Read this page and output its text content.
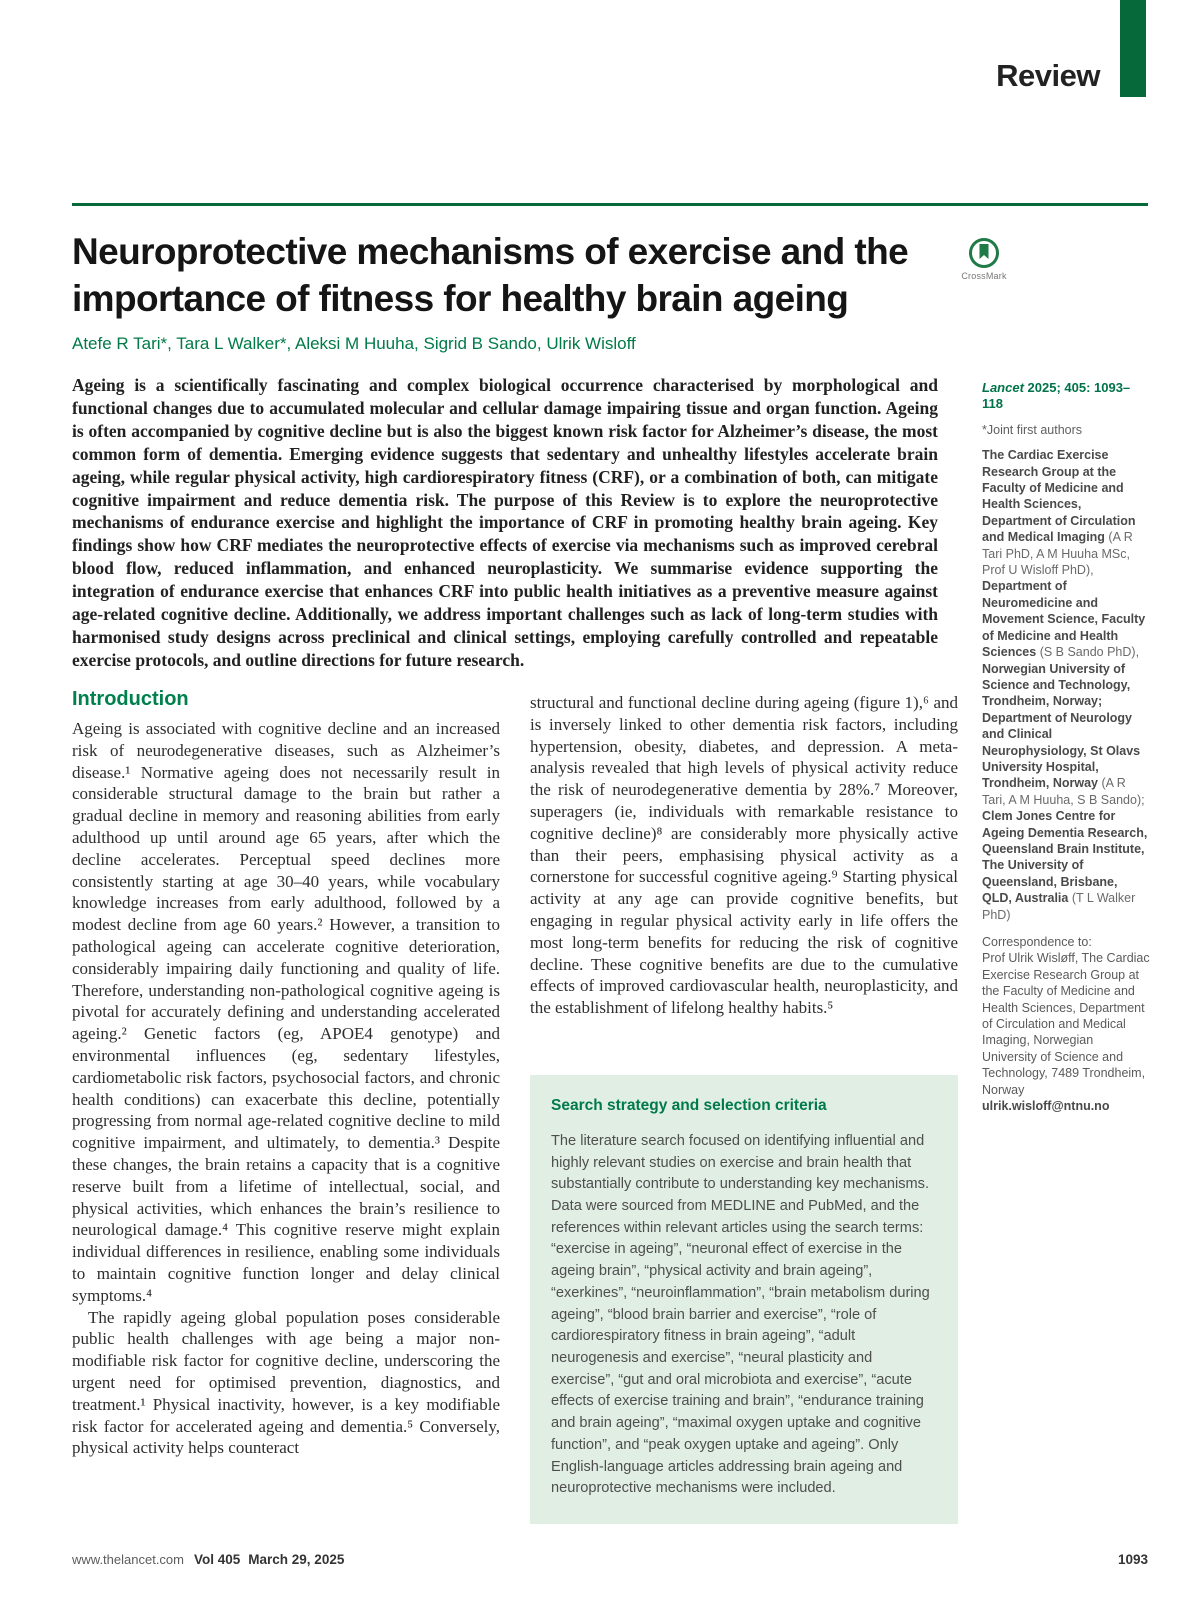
Review
Neuroprotective mechanisms of exercise and the importance of fitness for healthy brain ageing
CrossMark
Atefe R Tari*, Tara L Walker*, Aleksi M Huuha, Sigrid B Sando, Ulrik Wisloff

Ageing is a scientifically fascinating and complex biological occurrence characterised by morphological and functional changes due to accumulated molecular and cellular damage impairing tissue and organ function. Ageing is often accompanied by cognitive decline but is also the biggest known risk factor for Alzheimer’s disease, the most common form of dementia. Emerging evidence suggests that sedentary and unhealthy lifestyles accelerate brain ageing, while regular physical activity, high cardiorespiratory fitness (CRF), or a combination of both, can mitigate cognitive impairment and reduce dementia risk. The purpose of this Review is to explore the neuroprotective mechanisms of endurance exercise and highlight the importance of CRF in promoting healthy brain ageing. Key findings show how CRF mediates the neuroprotective effects of exercise via mechanisms such as improved cerebral blood flow, reduced inflammation, and enhanced neuroplasticity. We summarise evidence supporting the integration of endurance exercise that enhances CRF into public health initiatives as a preventive measure against age-related cognitive decline. Additionally, we address important challenges such as lack of long-term studies with harmonised study designs across preclinical and clinical settings, employing carefully controlled and repeatable exercise protocols, and outline directions for future research.

Lancet 2025; 405: 1093–118
*Joint first authors
The Cardiac Exercise Research Group at the Faculty of Medicine and Health Sciences, Department of Circulation and Medical Imaging (A R Tari PhD, A M Huuha MSc, Prof U Wisloff PhD), Department of Neuromedicine and Movement Science, Faculty of Medicine and Health Sciences (S B Sando PhD), Norwegian University of Science and Technology, Trondheim, Norway; Department of Neurology and Clinical Neurophysiology, St Olavs University Hospital, Trondheim, Norway (A R Tari, A M Huuha, S B Sando); Clem Jones Centre for Ageing Dementia Research, Queensland Brain Institute, The University of Queensland, Brisbane, QLD, Australia (T L Walker PhD)
Correspondence to:
Prof Ulrik Wisløff, The Cardiac Exercise Research Group at the Faculty of Medicine and Health Sciences, Department of Circulation and Medical Imaging, Norwegian University of Science and Technology, 7489 Trondheim, Norway
ulrik.wisloff@ntnu.no
Introduction

Ageing is associated with cognitive decline and an increased risk of neurodegenerative diseases, such as Alzheimer’s disease.¹ Normative ageing does not necessarily result in considerable structural damage to the brain but rather a gradual decline in memory and reasoning abilities from early adulthood up until around age 65 years, after which the decline accelerates. Perceptual speed declines more consistently starting at age 30–40 years, while vocabulary knowledge increases from early adulthood, followed by a modest decline from age 60 years.² However, a transition to pathological ageing can accelerate cognitive deterioration, considerably impairing daily functioning and quality of life. Therefore, understanding non-pathological cognitive ageing is pivotal for accurately defining and understanding accelerated ageing.² Genetic factors (eg, APOE4 genotype) and environmental influences (eg, sedentary lifestyles, cardiometabolic risk factors, psychosocial factors, and chronic health conditions) can exacerbate this decline, potentially progressing from normal age-related cognitive decline to mild cognitive impairment, and ultimately, to dementia.³ Despite these changes, the brain retains a capacity that is a cognitive reserve built from a lifetime of intellectual, social, and physical activities, which enhances the brain’s resilience to neurological damage.⁴ This cognitive reserve might explain individual differences in resilience, enabling some individuals to maintain cognitive function longer and delay clinical symptoms.⁴

The rapidly ageing global population poses considerable public health challenges with age being a major non-modifiable risk factor for cognitive decline, underscoring the urgent need for optimised prevention, diagnostics, and treatment.¹ Physical inactivity, however, is a key modifiable risk factor for accelerated ageing and dementia.⁵ Conversely, physical activity helps counteract

structural and functional decline during ageing (figure 1),⁶ and is inversely linked to other dementia risk factors, including hypertension, obesity, diabetes, and depression. A meta-analysis revealed that high levels of physical activity reduce the risk of neurodegenerative dementia by 28%.⁷ Moreover, superagers (ie, individuals with remarkable resistance to cognitive decline)⁸ are considerably more physically active than their peers, emphasising physical activity as a cornerstone for successful cognitive ageing.⁹ Starting physical activity at any age can provide cognitive benefits, but engaging in regular physical activity early in life offers the most long-term benefits for reducing the risk of cognitive decline. These cognitive benefits are due to the cumulative effects of improved cardiovascular health, neuroplasticity, and the establishment of lifelong healthy habits.⁵

Search strategy and selection criteria
The literature search focused on identifying influential and highly relevant studies on exercise and brain health that substantially contribute to understanding key mechanisms. Data were sourced from MEDLINE and PubMed, and the references within relevant articles using the search terms: “exercise in ageing”, “neuronal effect of exercise in the ageing brain”, “physical activity and brain ageing”, “exerkines”, “neuroinflammation”, “brain metabolism during ageing”, “blood brain barrier and exercise”, “role of cardiorespiratory fitness in brain ageing”, “adult neurogenesis and exercise”, “neural plasticity and exercise”, “gut and oral microbiota and exercise”, “acute effects of exercise training and brain”, “endurance training and brain ageing”, “maximal oxygen uptake and cognitive function”, and “peak oxygen uptake and ageing”. Only English-language articles addressing brain ageing and neuroprotective mechanisms were included.
www.thelancet.com Vol 405 March 29, 2025	1093
